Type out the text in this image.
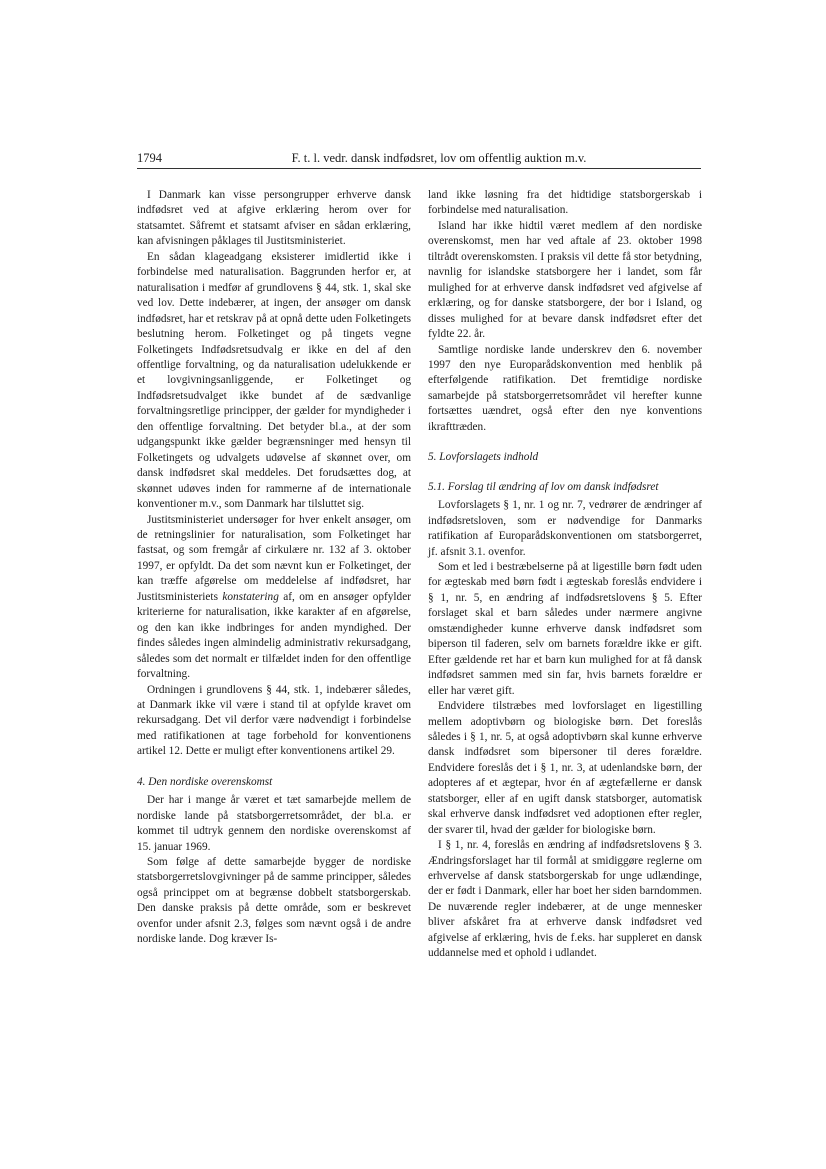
1794	F. t. l. vedr. dansk indfødsret, lov om offentlig auktion m.v.

I Danmark kan visse persongrupper erhverve dansk indfødsret ved at afgive erklæring herom over for statsamtet. Såfremt et statsamt afviser en sådan erklæring, kan afvisningen påklages til Justitsministeriet.

En sådan klageadgang eksisterer imidlertid ikke i forbindelse med naturalisation. Baggrunden herfor er, at naturalisation i medfør af grundlovens § 44, stk. 1, skal ske ved lov. Dette indebærer, at ingen, der ansøger om dansk indfødsret, har et retskrav på at opnå dette uden Folketingets beslutning herom. Folketinget og på tingets vegne Folketingets Indfødsretsudvalg er ikke en del af den offentlige forvaltning, og da naturalisation udelukkende er et lovgivningsanliggende, er Folketinget og Indfødsretsudvalget ikke bundet af de sædvanlige forvaltningsretlige principper, der gælder for myndigheder i den offentlige forvaltning. Det betyder bl.a., at der som udgangspunkt ikke gælder begrænsninger med hensyn til Folketingets og udvalgets udøvelse af skønnet over, om dansk indfødsret skal meddeles. Det forudsættes dog, at skønnet udøves inden for rammerne af de internationale konventioner m.v., som Danmark har tilsluttet sig.

Justitsministeriet undersøger for hver enkelt ansøger, om de retningslinier for naturalisation, som Folketinget har fastsat, og som fremgår af cirkulære nr. 132 af 3. oktober 1997, er opfyldt. Da det som nævnt kun er Folketinget, der kan træffe afgørelse om meddelelse af indfødsret, har Justitsministeriets konstatering af, om en ansøger opfylder kriterierne for naturalisation, ikke karakter af en afgørelse, og den kan ikke indbringes for anden myndighed. Der findes således ingen almindelig administrativ rekursadgang, således som det normalt er tilfældet inden for den offentlige forvaltning.

Ordningen i grundlovens § 44, stk. 1, indebærer således, at Danmark ikke vil være i stand til at opfylde kravet om rekursadgang. Det vil derfor være nødvendigt i forbindelse med ratifikationen at tage forbehold for konventionens artikel 12. Dette er muligt efter konventionens artikel 29.

4. Den nordiske overenskomst

Der har i mange år været et tæt samarbejde mellem de nordiske lande på statsborgerretsområdet, der bl.a. er kommet til udtryk gennem den nordiske overenskomst af 15. januar 1969.

Som følge af dette samarbejde bygger de nordiske statsborgerretslovgivninger på de samme principper, således også princippet om at begrænse dobbelt statsborgerskab. Den danske praksis på dette område, som er beskrevet ovenfor under afsnit 2.3, følges som nævnt også i de andre nordiske lande. Dog kræver Is-

land ikke løsning fra det hidtidige statsborgerskab i forbindelse med naturalisation.

Island har ikke hidtil været medlem af den nordiske overenskomst, men har ved aftale af 23. oktober 1998 tiltrådt overenskomsten. I praksis vil dette få stor betydning, navnlig for islandske statsborgere her i landet, som får mulighed for at erhverve dansk indfødsret ved afgivelse af erklæring, og for danske statsborgere, der bor i Island, og disses mulighed for at bevare dansk indfødsret efter det fyldte 22. år.

Samtlige nordiske lande underskrev den 6. november 1997 den nye Europarådskonvention med henblik på efterfølgende ratifikation. Det fremtidige nordiske samarbejde på statsborgerretsområdet vil herefter kunne fortsættes uændret, også efter den nye konventions ikrafttræden.

5. Lovforslagets indhold
5.1. Forslag til ændring af lov om dansk indfødsret

Lovforslagets § 1, nr. 1 og nr. 7, vedrører de ændringer af indfødsretsloven, som er nødvendige for Danmarks ratifikation af Europarådskonventionen om statsborgerret, jf. afsnit 3.1. ovenfor.

Som et led i bestræbelserne på at ligestille børn født uden for ægteskab med børn født i ægteskab foreslås endvidere i § 1, nr. 5, en ændring af indfødsretslovens § 5. Efter forslaget skal et barn således under nærmere angivne omstændigheder kunne erhverve dansk indfødsret som biperson til faderen, selv om barnets forældre ikke er gift. Efter gældende ret har et barn kun mulighed for at få dansk indfødsret sammen med sin far, hvis barnets forældre er eller har været gift.

Endvidere tilstræbes med lovforslaget en ligestilling mellem adoptivbørn og biologiske børn. Det foreslås således i § 1, nr. 5, at også adoptivbørn skal kunne erhverve dansk indfødsret som bipersoner til deres forældre. Endvidere foreslås det i § 1, nr. 3, at udenlandske børn, der adopteres af et ægtepar, hvor én af ægtefællerne er dansk statsborger, eller af en ugift dansk statsborger, automatisk skal erhverve dansk indfødsret ved adoptionen efter regler, der svarer til, hvad der gælder for biologiske børn.

I § 1, nr. 4, foreslås en ændring af indfødsretslovens § 3. Ændringsforslaget har til formål at smidiggøre reglerne om erhvervelse af dansk statsborgerskab for unge udlændinge, der er født i Danmark, eller har boet her siden barndommen. De nuværende regler indebærer, at de unge mennesker bliver afskåret fra at erhverve dansk indfødsret ved afgivelse af erklæring, hvis de f.eks. har suppleret en dansk uddannelse med et ophold i udlandet.
